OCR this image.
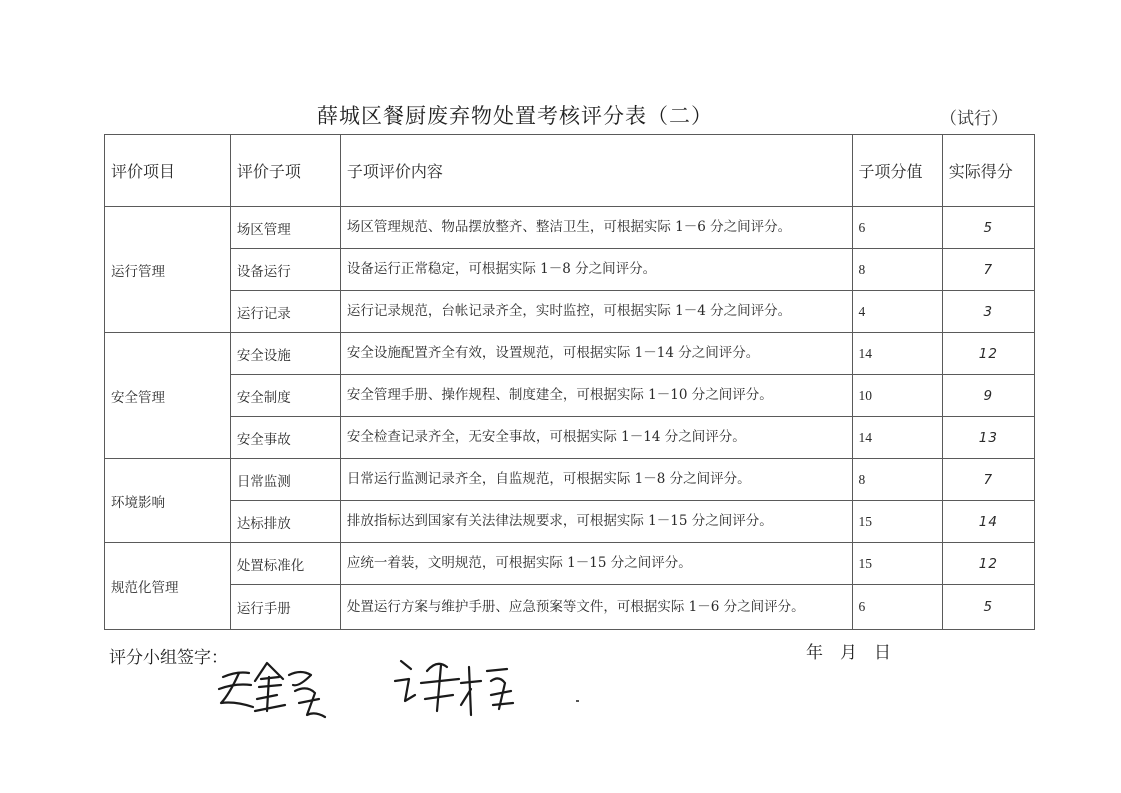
薛城区餐厨废弃物处置考核评分表（二）	（试行）
评价项目	评价子项	子项评价内容	子项分值	实际得分
运行管理	场区管理	场区管理规范、物品摆放整齐、整洁卫生，可根据实际 1－6 分之间评分。	6	5
	设备运行	设备运行正常稳定，可根据实际 1－8 分之间评分。	8	7
	运行记录	运行记录规范，台帐记录齐全，实时监控，可根据实际 1－4 分之间评分。	4	3
安全管理	安全设施	安全设施配置齐全有效，设置规范，可根据实际 1－14 分之间评分。	14	12
	安全制度	安全管理手册、操作规程、制度建全，可根据实际 1－10 分之间评分。	10	9
	安全事故	安全检查记录齐全，无安全事故，可根据实际 1－14 分之间评分。	14	13
环境影响	日常监测	日常运行监测记录齐全，自监规范，可根据实际 1－8 分之间评分。	8	7
	达标排放	排放指标达到国家有关法律法规要求，可根据实际 1－15 分之间评分。	15	14
规范化管理	处置标准化	应统一着装，文明规范，可根据实际 1－15 分之间评分。	15	12
	运行手册	处置运行方案与维护手册、应急预案等文件，可根据实际 1－6 分之间评分。	6	5
评分小组签字：	年　月　日
